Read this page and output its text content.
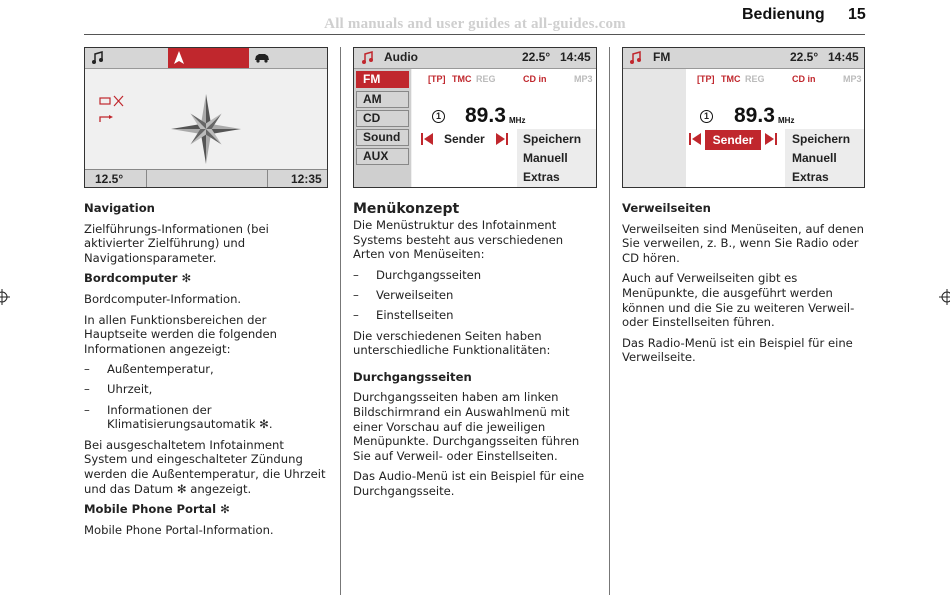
All manuals and user guides at all-guides.com
Bedienung 15
12.5°	12:35
Audio	22.5° 14:45
FM
AM
CD
Sound
AUX
[TP] TMC REG	CD in	MP3
1 89.3 MHz
Sender	Speichern
Manuell
Extras
FM	22.5° 14:45
[TP] TMC REG	CD in	MP3
1 89.3 MHz
Sender	Speichern
Manuell
Extras

Navigation

Zielführungs-Informationen (bei aktivierter Zielführung) und Navigationsparameter.

Bordcomputer ✻

Bordcomputer-Information.

In allen Funktionsbereichen der Hauptseite werden die folgenden Informationen angezeigt:

– Außentemperatur,
– Uhrzeit,
– Informationen der Klimatisierungsautomatik ✻.

Bei ausgeschaltetem Infotainment System und eingeschalteter Zündung werden die Außentemperatur, die Uhrzeit und das Datum ✻ angezeigt.

Mobile Phone Portal ✻

Mobile Phone Portal-Information.

Menükonzept

Die Menüstruktur des Infotainment Systems besteht aus verschiedenen Arten von Menüseiten:

– Durchgangsseiten
– Verweilseiten
– Einstellseiten

Die verschiedenen Seiten haben unterschiedliche Funktionalitäten:

Durchgangsseiten

Durchgangsseiten haben am linken Bildschirmrand ein Auswahlmenü mit einer Vorschau auf die jeweiligen Menüpunkte. Durchgangsseiten führen Sie auf Verweil- oder Einstellseiten.

Das Audio-Menü ist ein Beispiel für eine Durchgangsseite.

Verweilseiten

Verweilseiten sind Menüseiten, auf denen Sie verweilen, z. B., wenn Sie Radio oder CD hören.

Auch auf Verweilseiten gibt es Menüpunkte, die ausgeführt werden können und die Sie zu weiteren Verweil- oder Einstellseiten führen.

Das Radio-Menü ist ein Beispiel für eine Verweilseite.
